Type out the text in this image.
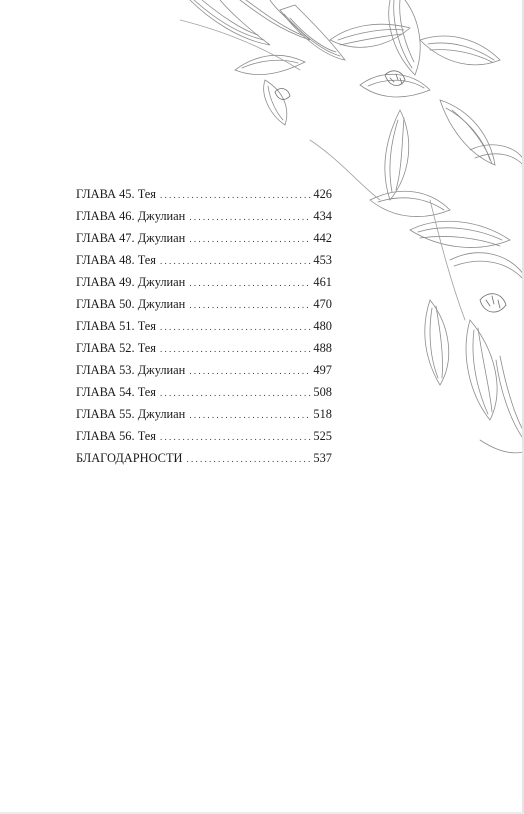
ГЛАВА 45. Тея . . .	426
ГЛАВА 46. Джулиан . . .	434
ГЛАВА 47. Джулиан . . .	442
ГЛАВА 48. Тея . . .	453
ГЛАВА 49. Джулиан . . .	461
ГЛАВА 50. Джулиан . . .	470
ГЛАВА 51. Тея . . .	480
ГЛАВА 52. Тея . . .	488
ГЛАВА 53. Джулиан . . .	497
ГЛАВА 54. Тея . . .	508
ГЛАВА 55. Джулиан . . .	518
ГЛАВА 56. Тея . . .	525
БЛАГОДАРНОСТИ . . .	537
